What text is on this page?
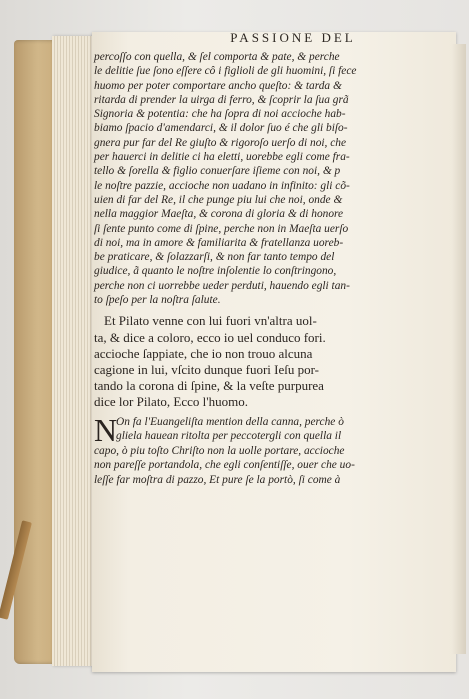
PASSIONE DEL

percoſſo con quella, & ſel comporta & pate, & perche

le delitie ſue ſono eſſere cô i figlioli de gli huomini, ſi fece

huomo per poter comportare ancho queſto: & tarda &

ritarda di prender la uirga di ferro, & ſcoprir la ſua grã

Signoria & potentia: che ha ſopra di noi accioche hab-

biamo ſpacio d'amendarci, & il dolor ſuo é che gli biſo-

gnera pur far del Re giuſto & rigoroſo uerſo di noi, che

per hauerci in delitie ci ha eletti, uorebbe egli come fra-

tello & ſorella & figlio conuerſare iſieme con noi, & p

le noſtre pazzie, accioche non uadano in infinito: gli cõ-

uien di far del Re, il che punge piu lui che noi, onde &

nella maggior Maeſta, & corona di gloria & di honore

ſi ſente punto come di ſpine, perche non in Maeſta uerſo

di noi, ma in amore & familiarita & fratellanza uoreb-

be praticare, & ſolazzarſi, & non far tanto tempo del

giudice, ã quanto le noſtre inſolentie lo conſtringono,

perche non ci uorrebbe ueder perduti, hauendo egli tan-

to ſpeſo per la noſtra ſalute.

Et Pilato venne con lui fuori vn'altra uol-

ta, & dice a coloro, ecco io uel conduco fori.

accioche ſappiate, che io non trouo alcuna

cagione in lui, vſcito dunque fuori Ieſu por-

tando la corona di ſpine, & la veſte purpurea

dice lor Pilato, Ecco l'huomo.

N

On fa l'Euangeliſta mention della canna, perche ò

gliela hauean ritolta per peccotergli con quella il

capo, ò piu toſto Chriſto non la uolle portare, accioche

non pareſſe portandola, che egli conſentiſſe, ouer che uo-

leſſe far moſtra di pazzo, Et pure ſe la portò, ſi come à
